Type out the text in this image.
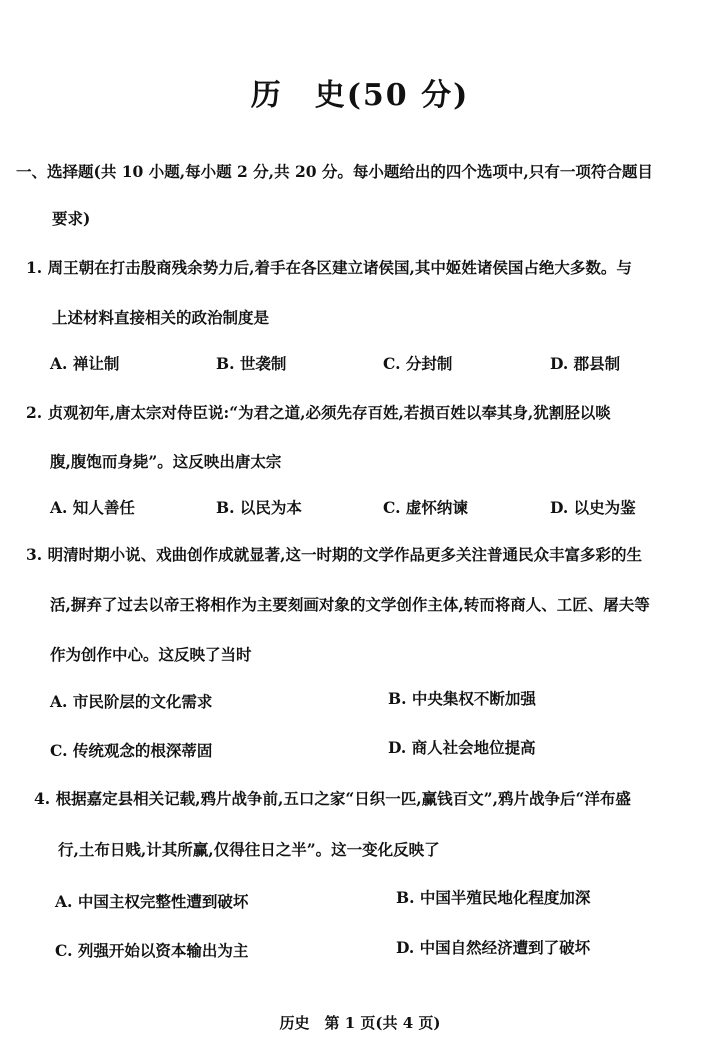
历　史(50 分)
一、选择题(共 10 小题,每小题 2 分,共 20 分。每小题给出的四个选项中,只有一项符合题目
要求)
1. 周王朝在打击殷商残余势力后,着手在各区建立诸侯国,其中姬姓诸侯国占绝大多数。与
上述材料直接相关的政治制度是
A. 禅让制	B. 世袭制	C. 分封制	D. 郡县制
2. 贞观初年,唐太宗对侍臣说:“为君之道,必须先存百姓,若损百姓以奉其身,犹割胫以啖
腹,腹饱而身毙”。这反映出唐太宗
A. 知人善任	B. 以民为本	C. 虚怀纳谏	D. 以史为鉴
3. 明清时期小说、戏曲创作成就显著,这一时期的文学作品更多关注普通民众丰富多彩的生
活,摒弃了过去以帝王将相作为主要刻画对象的文学创作主体,转而将商人、工匠、屠夫等
作为创作中心。这反映了当时
A. 市民阶层的文化需求	B. 中央集权不断加强
C. 传统观念的根深蒂固	D. 商人社会地位提高
4. 根据嘉定县相关记载,鸦片战争前,五口之家“日织一匹,赢钱百文”,鸦片战争后“洋布盛
行,土布日贱,计其所赢,仅得往日之半”。这一变化反映了
A. 中国主权完整性遭到破坏	B. 中国半殖民地化程度加深
C. 列强开始以资本输出为主	D. 中国自然经济遭到了破坏
历史　第 1 页(共 4 页)
